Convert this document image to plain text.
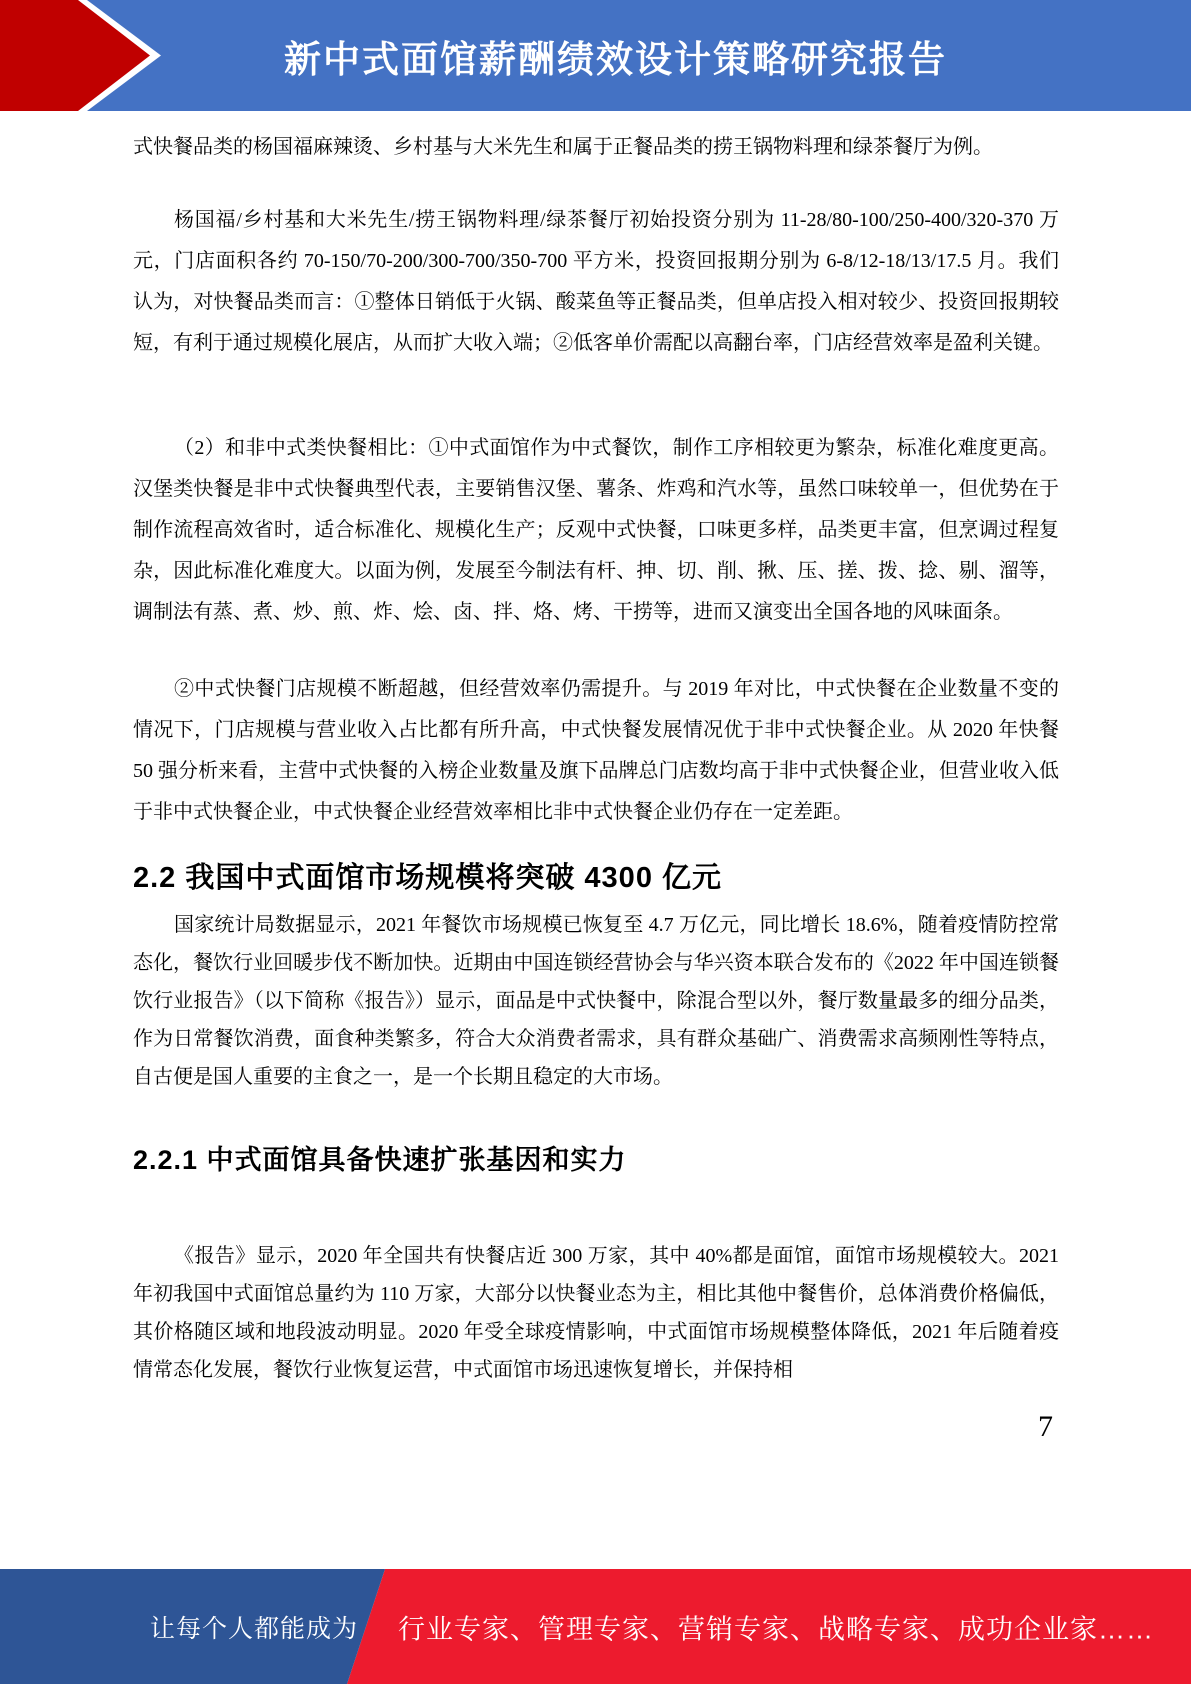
新中式面馆薪酬绩效设计策略研究报告

式快餐品类的杨国福麻辣烫、乡村基与大米先生和属于正餐品类的捞王锅物料理和绿茶餐厅为例。

杨国福/乡村基和大米先生/捞王锅物料理/绿茶餐厅初始投资分别为 11-28/80-100/250-400/320-370 万元，门店面积各约 70-150/70-200/300-700/350-700 平方米，投资回报期分别为 6-8/12-18/13/17.5 月。我们认为，对快餐品类而言：①整体日销低于火锅、酸菜鱼等正餐品类，但单店投入相对较少、投资回报期较短，有利于通过规模化展店，从而扩大收入端；②低客单价需配以高翻台率，门店经营效率是盈利关键。

（2）和非中式类快餐相比：①中式面馆作为中式餐饮，制作工序相较更为繁杂，标准化难度更高。汉堡类快餐是非中式快餐典型代表，主要销售汉堡、薯条、炸鸡和汽水等，虽然口味较单一，但优势在于制作流程高效省时，适合标准化、规模化生产；反观中式快餐，口味更多样，品类更丰富，但烹调过程复杂，因此标准化难度大。以面为例，发展至今制法有杆、抻、切、削、揪、压、搓、拨、捻、剔、溜等，调制法有蒸、煮、炒、煎、炸、烩、卤、拌、烙、烤、干捞等，进而又演变出全国各地的风味面条。

②中式快餐门店规模不断超越，但经营效率仍需提升。与 2019 年对比，中式快餐在企业数量不变的情况下，门店规模与营业收入占比都有所升高，中式快餐发展情况优于非中式快餐企业。从 2020 年快餐 50 强分析来看，主营中式快餐的入榜企业数量及旗下品牌总门店数均高于非中式快餐企业，但营业收入低于非中式快餐企业，中式快餐企业经营效率相比非中式快餐企业仍存在一定差距。

2.2 我国中式面馆市场规模将突破 4300 亿元

国家统计局数据显示，2021 年餐饮市场规模已恢复至 4.7 万亿元，同比增长 18.6%，随着疫情防控常态化，餐饮行业回暖步伐不断加快。近期由中国连锁经营协会与华兴资本联合发布的《2022 年中国连锁餐饮行业报告》（以下简称《报告》）显示，面品是中式快餐中，除混合型以外，餐厅数量最多的细分品类，作为日常餐饮消费，面食种类繁多，符合大众消费者需求，具有群众基础广、消费需求高频刚性等特点，自古便是国人重要的主食之一，是一个长期且稳定的大市场。

2.2.1 中式面馆具备快速扩张基因和实力

《报告》显示，2020 年全国共有快餐店近 300 万家，其中 40%都是面馆，面馆市场规模较大。2021 年初我国中式面馆总量约为 110 万家，大部分以快餐业态为主，相比其他中餐售价，总体消费价格偏低，其价格随区域和地段波动明显。2020 年受全球疫情影响，中式面馆市场规模整体降低，2021 年后随着疫情常态化发展，餐饮行业恢复运营，中式面馆市场迅速恢复增长，并保持相

7
让每个人都能成为 行业专家、管理专家、营销专家、战略专家、成功企业家……
